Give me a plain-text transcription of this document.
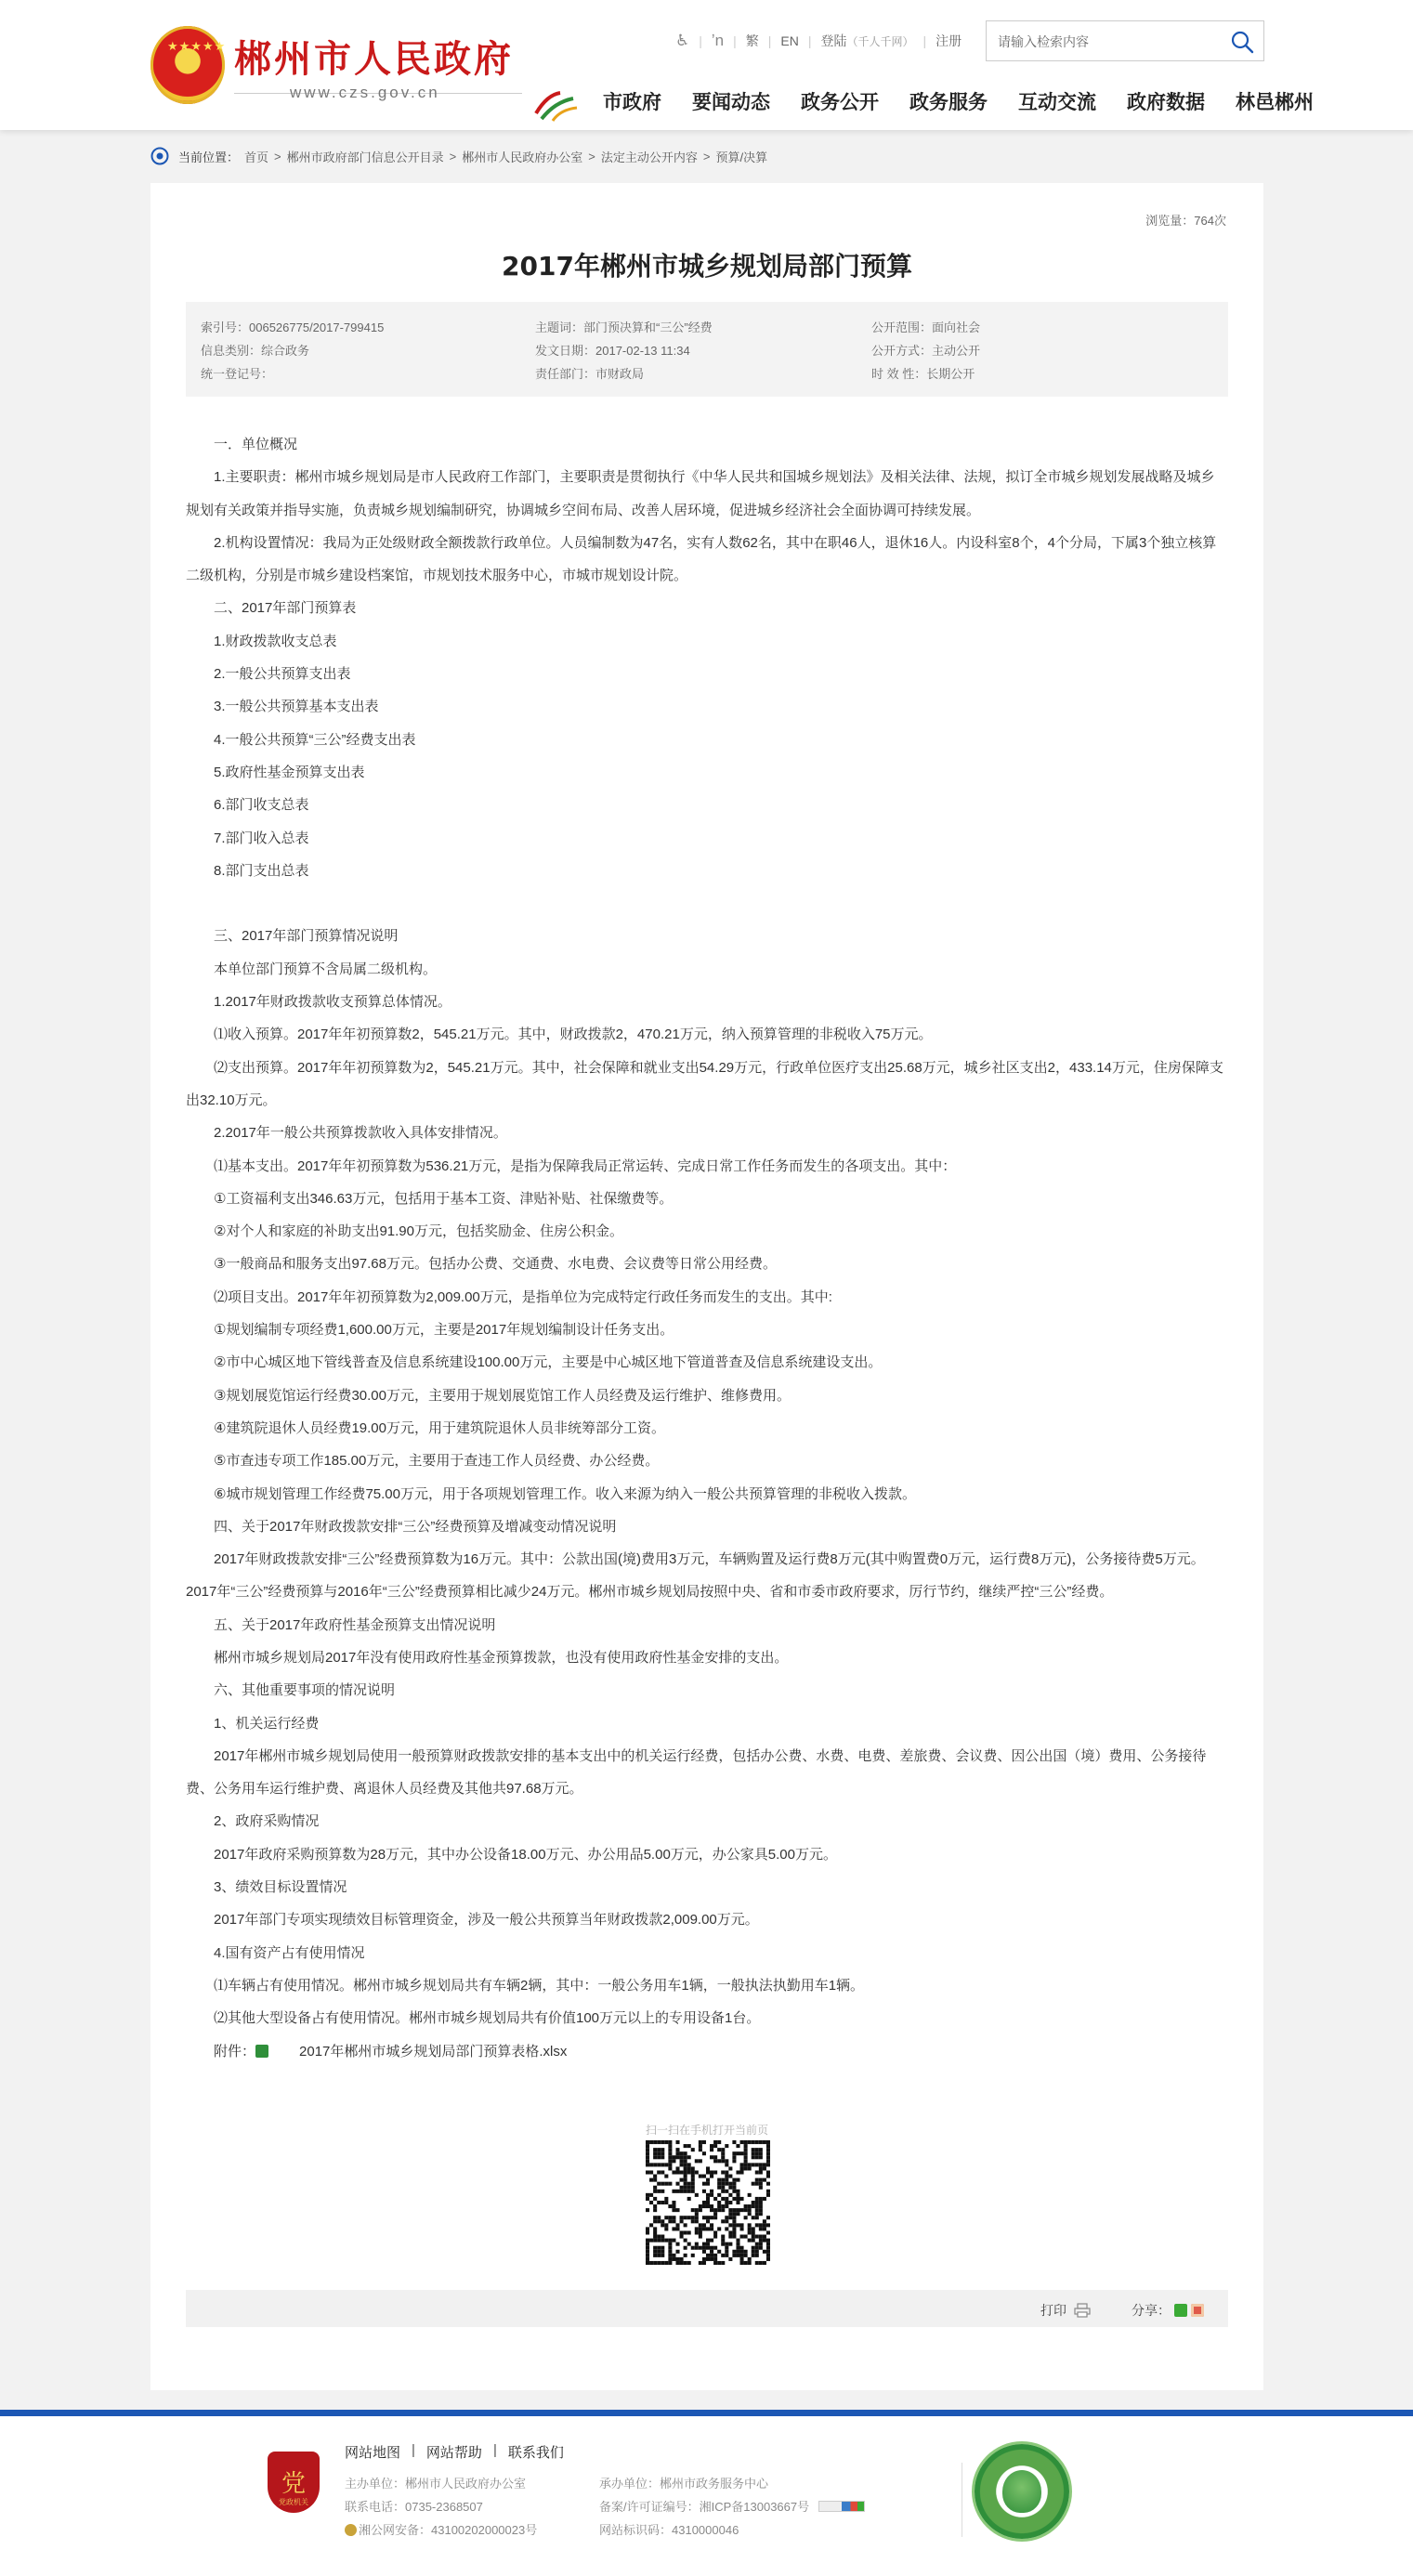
★★★★★ 郴州市人民政府
www.czs.gov.cn
♿︎ | ʼn | 繁 | EN | 登陆 （千人千网） | 注册
请输入检索内容
市政府 要闻动态 政务公开 政务服务 互动交流 政府数据 林邑郴州
当前位置： 首页 > 郴州市政府部门信息公开目录 > 郴州市人民政府办公室 > 法定主动公开内容 > 预算/决算
浏览量：764次
2017年郴州市城乡规划局部门预算
索引号：006526775/2017-799415	主题词：部门预决算和“三公”经费	公开范围：面向社会
信息类别：综合政务	发文日期：2017-02-13 11:34	公开方式：主动公开
统一登记号：	责任部门：市财政局	时 效 性：长期公开

一．单位概况

1.主要职责：郴州市城乡规划局是市人民政府工作部门，主要职责是贯彻执行《中华人民共和国城乡规划法》及相关法律、法规，拟订全市城乡规划发展战略及城乡规划有关政策并指导实施，负责城乡规划编制研究，协调城乡空间布局、改善人居环境，促进城乡经济社会全面协调可持续发展。

2.机构设置情况：我局为正处级财政全额拨款行政单位。人员编制数为47名，实有人数62名，其中在职46人，退休16人。内设科室8个，4个分局，下属3个独立核算二级机构，分别是市城乡建设档案馆，市规划技术服务中心，市城市规划设计院。

二、2017年部门预算表

1.财政拨款收支总表

2.一般公共预算支出表

3.一般公共预算基本支出表

4.一般公共预算“三公”经费支出表

5.政府性基金预算支出表

6.部门收支总表

7.部门收入总表

8.部门支出总表

三、2017年部门预算情况说明

本单位部门预算不含局属二级机构。

1.2017年财政拨款收支预算总体情况。

⑴收入预算。2017年年初预算数2，545.21万元。其中，财政拨款2，470.21万元，纳入预算管理的非税收入75万元。

⑵支出预算。2017年年初预算数为2，545.21万元。其中，社会保障和就业支出54.29万元，行政单位医疗支出25.68万元，城乡社区支出2，433.14万元，住房保障支出32.10万元。

2.2017年一般公共预算拨款收入具体安排情况。

⑴基本支出。2017年年初预算数为536.21万元，是指为保障我局正常运转、完成日常工作任务而发生的各项支出。其中：

①工资福利支出346.63万元，包括用于基本工资、津贴补贴、社保缴费等。

②对个人和家庭的补助支出91.90万元，包括奖励金、住房公积金。

③一般商品和服务支出97.68万元。包括办公费、交通费、水电费、会议费等日常公用经费。

⑵项目支出。2017年年初预算数为2,009.00万元，是指单位为完成特定行政任务而发生的支出。其中:

①规划编制专项经费1,600.00万元，主要是2017年规划编制设计任务支出。

②市中心城区地下管线普查及信息系统建设100.00万元，主要是中心城区地下管道普查及信息系统建设支出。

③规划展览馆运行经费30.00万元，主要用于规划展览馆工作人员经费及运行维护、维修费用。

④建筑院退休人员经费19.00万元，用于建筑院退休人员非统筹部分工资。

⑤市查违专项工作185.00万元，主要用于查违工作人员经费、办公经费。

⑥城市规划管理工作经费75.00万元，用于各项规划管理工作。收入来源为纳入一般公共预算管理的非税收入拨款。

四、关于2017年财政拨款安排“三公”经费预算及增减变动情况说明

2017年财政拨款安排“三公”经费预算数为16万元。其中：公款出国(境)费用3万元，车辆购置及运行费8万元(其中购置费0万元，运行费8万元)，公务接待费5万元。2017年“三公”经费预算与2016年“三公”经费预算相比减少24万元。郴州市城乡规划局按照中央、省和市委市政府要求，厉行节约，继续严控“三公”经费。

五、关于2017年政府性基金预算支出情况说明

郴州市城乡规划局2017年没有使用政府性基金预算拨款，也没有使用政府性基金安排的支出。

六、其他重要事项的情况说明

1、机关运行经费

2017年郴州市城乡规划局使用一般预算财政拨款安排的基本支出中的机关运行经费，包括办公费、水费、电费、差旅费、会议费、因公出国（境）费用、公务接待费、公务用车运行维护费、离退休人员经费及其他共97.68万元。

2、政府采购情况

2017年政府采购预算数为28万元，其中办公设备18.00万元、办公用品5.00万元，办公家具5.00万元。

3、绩效目标设置情况

2017年部门专项实现绩效目标管理资金，涉及一般公共预算当年财政拨款2,009.00万元。

4.国有资产占有使用情况

⑴车辆占有使用情况。郴州市城乡规划局共有车辆2辆，其中：一般公务用车1辆，一般执法执勤用车1辆。

⑵其他大型设备占有使用情况。郴州市城乡规划局共有价值100万元以上的专用设备1台。

附件：	2017年郴州市城乡规划局部门预算表格.xlsx
扫一扫在手机打开当前页
打印	分享：
党
党政机关
网站地图 | 网站帮助 | 联系我们
主办单位：郴州市人民政府办公室
联系电话：0735-2368507
湘公网安备：43100202000023号
承办单位：郴州市政务服务中心
备案/许可证编号：湘ICP备13003667号
网站标识码：4310000046
